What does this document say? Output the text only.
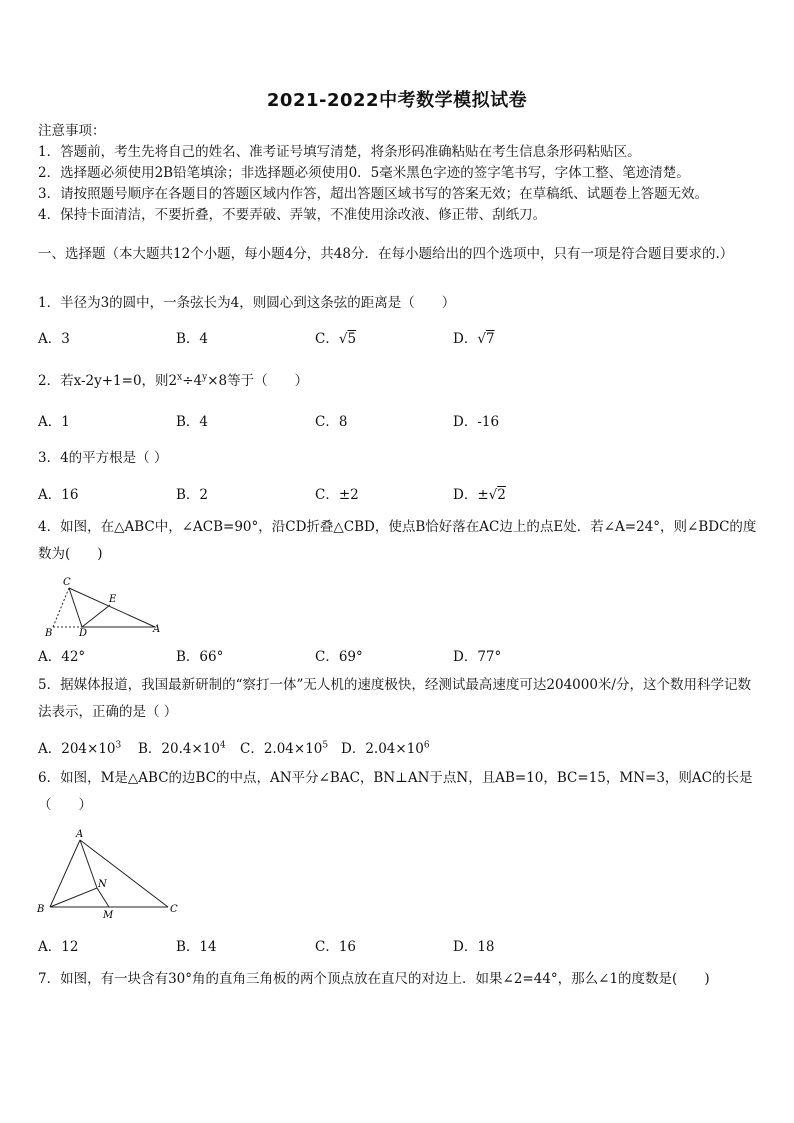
2021-2022中考数学模拟试卷
注意事项：
1．答题前，考生先将自己的姓名、准考证号填写清楚，将条形码准确粘贴在考生信息条形码粘贴区。
2．选择题必须使用2B铅笔填涂；非选择题必须使用0．5毫米黑色字迹的签字笔书写，字体工整、笔迹清楚。
3．请按照题号顺序在各题目的答题区域内作答，超出答题区域书写的答案无效；在草稿纸、试题卷上答题无效。
4．保持卡面清洁，不要折叠，不要弄破、弄皱，不准使用涂改液、修正带、刮纸刀。
一、选择题（本大题共12个小题，每小题4分，共48分．在每小题给出的四个选项中，只有一项是符合题目要求的.）
1．半径为3的圆中，一条弦长为4，则圆心到这条弦的距离是（　　）
A．3	B．4	C．√5	D．√7
2．若x-2y+1=0，则$2^x\div 4^y\times 8$等于（　　）
A．1	B．4	C．8	D．-16
3．4的平方根是（ ）
A．16	B．2	C．±2	D．±√2
4．如图，在△ABC中，∠ACB=90°，沿CD折叠△CBD，使点B恰好落在AC边上的点E处．若∠A=24°，则∠BDC的度数为(　　)
C
E
B	D	A
A．42°	B．66°	C．69°	D．77°
5．据媒体报道，我国最新研制的“察打一体”无人机的速度极快，经测试最高速度可达204000米/分，这个数用科学记数法表示，正确的是（ ）
A．$204\times 10^3$ B．$20.4\times 10^4$ C．$2.04\times 10^5$ D．$2.04\times 10^6$
6．如图，M是△ABC的边BC的中点，AN平分∠BAC，BN⊥AN于点N，且AB=10，BC=15，MN=3，则AC的长是（　　）
A
N
B
M
C
A．12	B．14	C．16	D．18
7．如图，有一块含有30°角的直角三角板的两个顶点放在直尺的对边上．如果∠2=44°，那么∠1的度数是(　　)
